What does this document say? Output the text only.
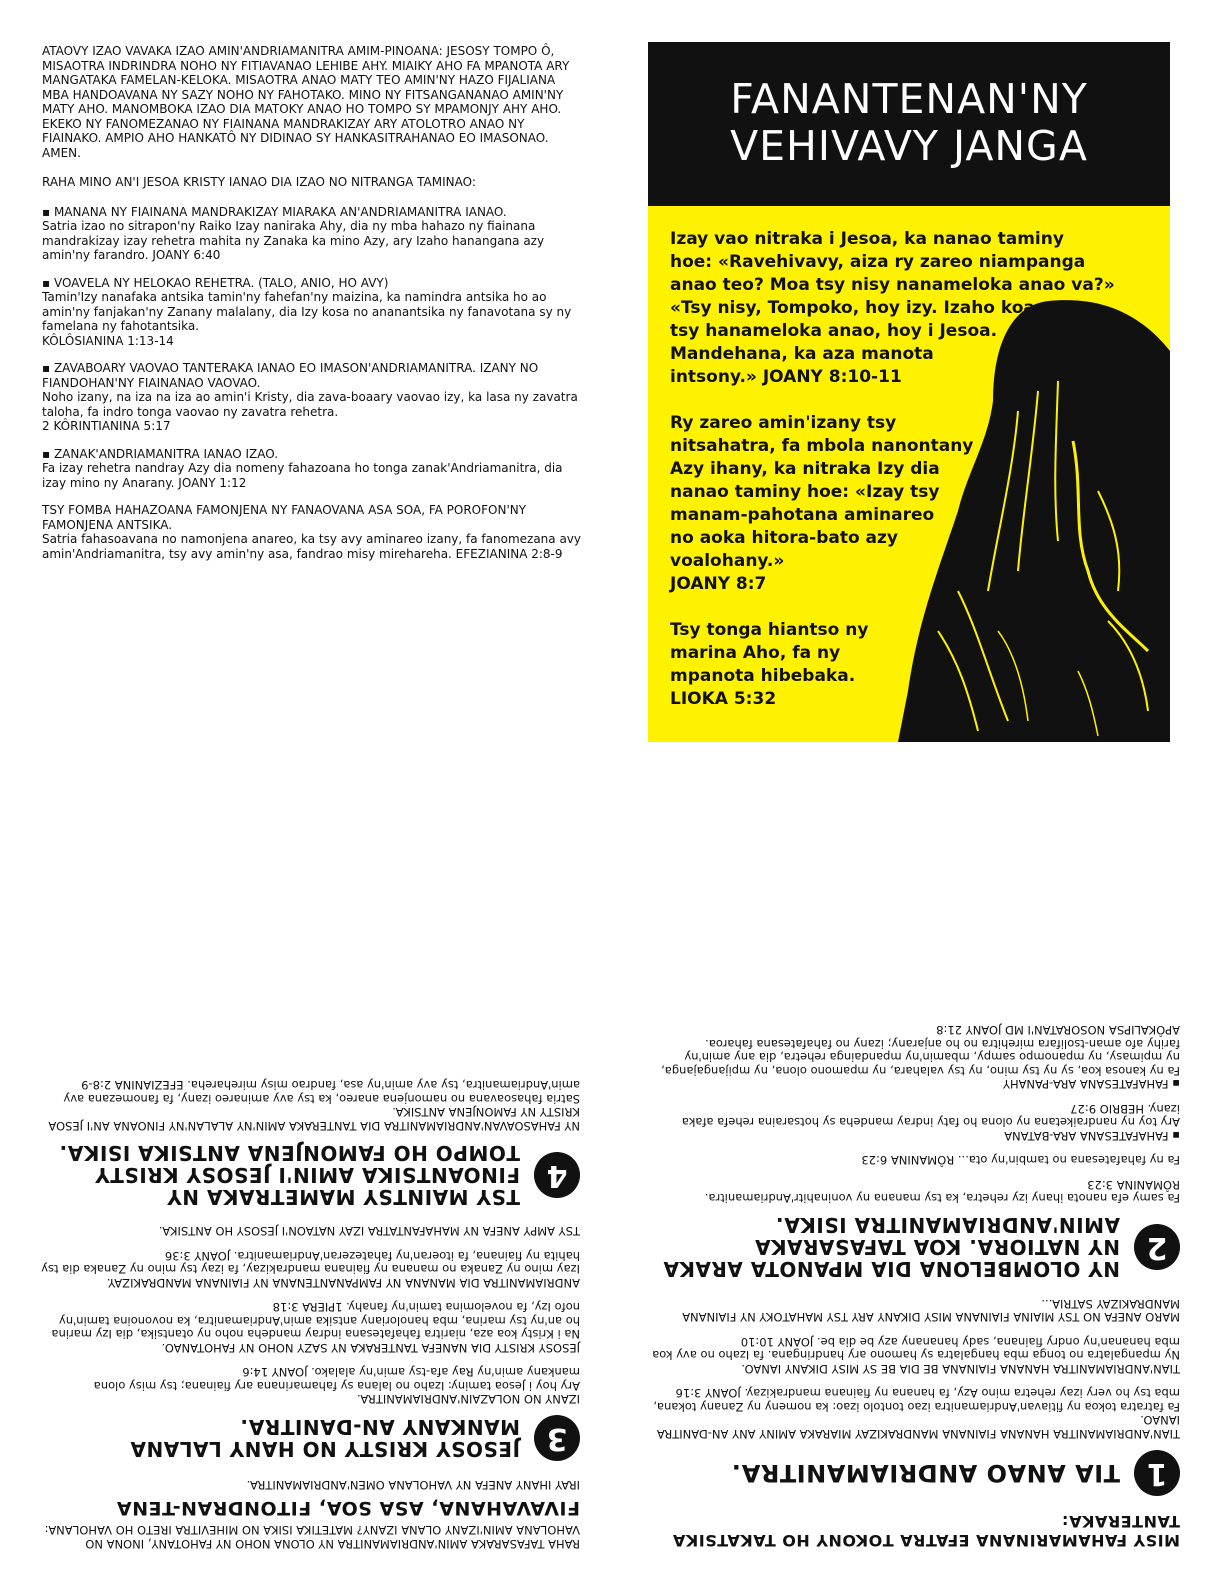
ATAOVY IZAO VAVAKA IZAO AMIN'ANDRIAMANITRA AMIM-PINOANA: JESOSY TOMPO Ô, MISAOTRA INDRINDRA NOHO NY FITIAVANAO LEHIBE AHY. MIAIKY AHO FA MPANOTA ARY MANGATAKA FAMELAN-KELOKA. MISAOTRA ANAO MATY TEO AMIN'NY HAZO FIJALIANA MBA HANDOAVANA NY SAZY NOHO NY FAHOTAKO. MINO NY FITSANGANANAO AMIN'NY MATY AHO. MANOMBOKA IZAO DIA MATOKY ANAO HO TOMPO SY MPAMONJY AHY AHO. EKEKO NY FANOMEZANAO NY FIAINANA MANDRAKIZAY ARY ATOLOTRO ANAO NY FIAINAKO. AMPIO AHO HANKATÔ NY DIDINAO SY HANKASITRAHANAO EO IMASONAO. AMEN.

RAHA MINO AN'I JESOA KRISTY IANAO DIA IZAO NO NITRANGA TAMINAO:

▪ MANANA NY FIAINANA MANDRAKIZAY MIARAKA AN'ANDRIAMANITRA IANAO.
Satria izao no sitrapon'ny Raiko Izay naniraka Ahy, dia ny mba hahazo ny fiainana mandrakizay izay rehetra mahita ny Zanaka ka mino Azy, ary Izaho hanangana azy amin'ny farandro. JOANY 6:40
▪ VOAVELA NY HELOKAO REHETRA. (TALO, ANIO, HO AVY)
Tamin'Izy nanafaka antsika tamin'ny fahefan'ny maizina, ka namindra antsika ho ao amin'ny fanjakan'ny Zanany malalany, dia Izy kosa no ananantsika ny fanavotana sy ny famelana ny fahotantsika.
KÔLÔSIANINA 1:13-14
▪ ZAVABOARY VAOVAO TANTERAKA IANAO EO IMASON'ANDRIAMANITRA. IZANY NO FIANDOHAN'NY FIAINANAO VAOVAO.
Noho izany, na iza na iza ao amin'i Kristy, dia zava-boaary vaovao izy, ka lasa ny zavatra taloha, fa indro tonga vaovao ny zavatra rehetra.
2 KÔRINTIANINA 5:17
▪ ZANAK'ANDRIAMANITRA IANAO IZAO.
Fa izay rehetra nandray Azy dia nomeny fahazoana ho tonga zanak'Andriamanitra, dia izay mino ny Anarany. JOANY 1:12
TSY FOMBA HAHAZOANA FAMONJENA NY FANAOVANA ASA SOA, FA POROFON'NY FAMONJENA ANTSIKA.
Satria fahasoavana no namonjena anareo, ka tsy avy aminareo izany, fa fanomezana avy amin'Andriamanitra, tsy avy amin'ny asa, fandrao misy mirehareha. EFEZIANINA 2:8-9
FANANTENAN'NY
VEHIVAVY JANGA
Izay vao nitraka i Jesoa, ka nanao taminy
hoe: «Ravehivavy, aiza ry zareo niampanga
anao teo? Moa tsy nisy nanameloka anao va?»
«Tsy nisy, Tompoko, hoy izy. Izaho koa
tsy hanameloka anao, hoy i Jesoa.
Mandehana, ka aza manota
intsony.» JOANY 8:10-11
Ry zareo amin'izany tsy
nitsahatra, fa mbola nanontany
Azy ihany, ka nitraka Izy dia
nanao taminy hoe: «Izay tsy
manam-pahotana aminareo
no aoka hitora-bato azy
voalohany.»
JOANY 8:7
Tsy tonga hiantso ny
marina Aho, fa ny
mpanota hibebaka.
LIOKA 5:32

RAHA TAFASARAKA AMIN'ANDRIAMANITRA NY OLONA NOHO NY FAHOTANY, INONA NO VAHOLANA AMIN'IZANY OLANA IZANY? MATETIKA ISIKA NO MIHEVITRA IRETO HO VAHOLANA:

FIVAVAHANA, ASA SOA, FITONDRAN-TENA

IRAY IHANY ANEFA NY VAHOLANA OMEN'ANDRIAMANITRA.

3
JESOSY KRISTY NO HANY LALANA MANKANY AN-DANITRA.
IZANY NO NOLAZAIN'ANDRIAMANITRA.
Ary hoy i Jesoa taminy: Izaho no lalana sy fahamarinana ary fiainana; tsy misy olona mankany amin'ny Ray afa-tsy amin'ny alalako. JOANY 14:6
JESOSY KRISTY DIA NANEFA TANTERAKA NY SAZY NOHO NY FAHOTANAO.
Na i Kristy koa aza, niaritra fahafatesana indray mandeha noho ny otantsika, dia Izy marina ho an'ny tsy marina, mba hanoloriany antsika amin'Andriamanitra, ka novonoina tamin'ny nofo Izy, fa novelomina tamin'ny fanahy. 1PIERA 3:18
ANDRIAMANITRA DIA MANANA NY FAMPANANTENANA NY FIAINANA MANDRAKIZAY.
Izay mino ny Zanaka no manana ny fiainana mandrakizay, fa izay tsy mino ny Zanaka dia tsy hahita ny fiainana, fa itoeran'ny fahatezeran'Andriamanitra. JOANY 3:36
TSY AMPY ANEFA NY MAHAFANTATRA IZAY NATAON'I JESOSY HO ANTSIKA.
4
TSY MAINTSY MAMETRAKA NY FINOANTSIKA AMIN'I JESOSY KRISTY TOMPO HO FAMONJENA ANTSIKA ISIKA.
NY FAHASOAVAN'ANDRIAMANITRA DIA TANTERAKA AMIN'NY ALALAN'NY FINOANA AN'I JESOA KRISTY NY FAMONJENA ANTSIKA.
Satria fahasoavana no namonjena anareo, ka tsy avy aminareo izany, fa fanomezana avy amin'Andriamanitra, tsy avy amin'ny asa, fandrao misy mirehareha. EFEZIANINA 2:8-9

MISY FAHAMARINANA EFATRA TOKONY HO TAKATSIKA TANTERAKA:

1
TIA ANAO ANDRIAMANITRA.
TIAN'ANDRIAMANITRA HANANA FIAINANA MANDRAKIZAY MIARAKA AMINY ANY AN-DANITRA IANAO.
Fa fatratra tokoa ny fitiavan'Andriamanitra izao tontolo izao: ka nomeny ny Zanany tokana, mba tsy ho very izay rehetra mino Azy, fa hanana ny fiainana mandrakizay. JOANY 3:16
TIAN'ANDRIAMANITRA HANANA FIAINANA BE DIA BE SY MISY DIKANY IANAO.
Ny mpangalatra no tonga mba hangalatra sy hamono ary handringana. fa Izaho no avy koa mba hananan'ny ondry fiainana, sady hananany azy be dia be. JOANY 10:10
MARO ANEFA NO TSY MIAINA FIAINANA MISY DIKANY ARY TSY MAHATOKY NY FIAINANA MANDRAKIZAY SATRIA...
2
NY OLOMBELONA DIA MPANOTA ARAKA NY NATIORA. KOA TAFASARAKA AMIN'ANDRIAMANITRA ISIKA.
Fa samy efa nanota ihany izy rehetra, ka tsy manana ny voninahitr'Andriamanitra. RÔMANINA 3:23
Fa ny fahafatesana no tambin'ny ota... RÔMANINA 6:23
▪ FAHAFATESANA ARA-BATANA
Ary toy ny nandraiketana ny olona ho faty indray mandeha sy hotsaraina rehefa afaka izany. HEBRIO 9:27
▪ FAHAFATESANA ARA-PANAHY
Fa ny kanosa koa, sy ny tsy mino, ny tsy valahara, ny mpamono olona, ny mpijangajanga, ny mpimasy, ny mpanompo sampy, mbamin'ny mpandainga rehetra, dia any amin'ny farihy afo aman-tsolifara mirehitra no ho anjarany; izany no fahafatesana faharoa. APÔKALIPSA NOSORATAN'I MD JOANY 21:8
